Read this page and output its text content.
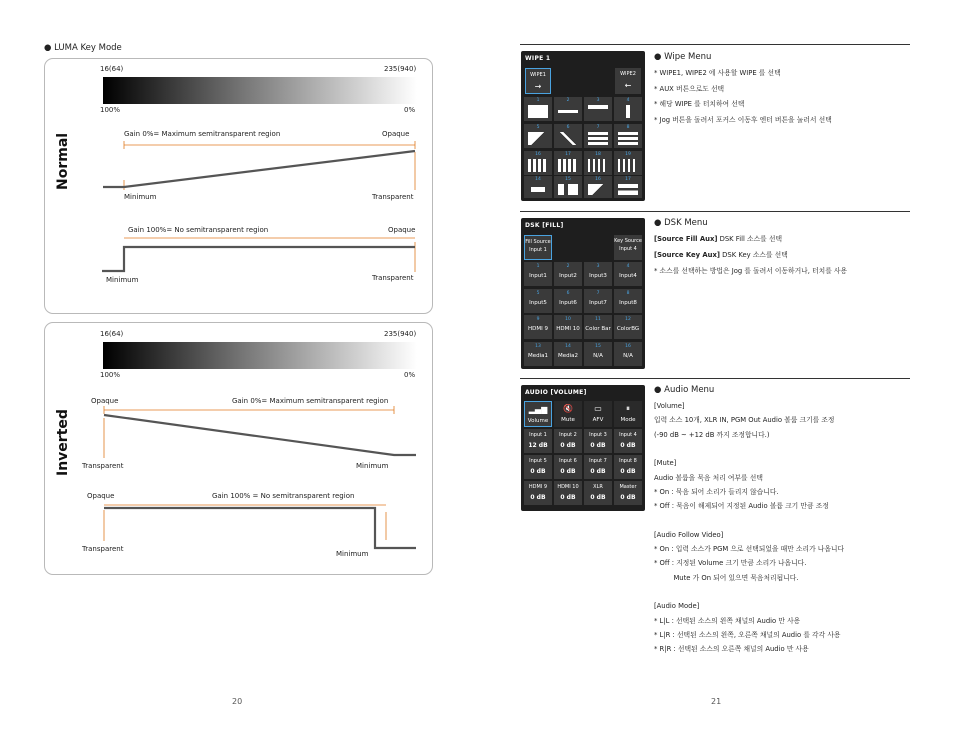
● LUMA Key Mode
Normal
16(64)	235(940)
100%	0%
Gain 0%= Maximum semitransparent region	Opaque
Minimum	Transparent
Gain 100%= No semitransparent region	Opaque
Minimum	Transparent
Inverted
16(64)	235(940)
100%	0%
Opaque	Gain 0%= Maximum semitransparent region
Transparent	Minimum
Opaque	Gain 100% = No semitransparent region
Transparent
Minimum
20
WIPE 1
WIPE1
→
WIPE2
←
1	2	3	4
5	6	7	8
16	17	18	19
14	15	16	17
● Wipe Menu
* WIPE1, WIPE2 에 사용할 WIPE 를 선택
* AUX 버튼으로도 선택
* 해당 WIPE 를 터치하여 선택
* Jog 버튼을 돌려서 포커스 이동후 엔터 버튼을 눌러서 선택
DSK [FILL]
Fill Source
Input 1
Key Source
Input 4
1
Input1
2
Input2
3
Input3
4
Input4
5
Input5
6
Input6
7
Input7
8
Input8
9
HDMI 9
10
HDMI 10
11
Color Bar
12
ColorBG
13
Media1
14
Media2
15
N/A
16
N/A
● DSK Menu
[Source Fill Aux] DSK Fill 소스를 선택
[Source Key Aux] DSK Key 소스를 선택
* 소스를 선택하는 방법은 Jog 를 돌려서 이동하거나, 터치를 사용
AUDIO [VOLUME]
▂▄▆
Volume
🔇
Mute
▭
AFV
⏸
Mode
Input 1
12 dB
Input 2
0 dB
Input 3
0 dB
Input 4
0 dB
Input 5
0 dB
Input 6
0 dB
Input 7
0 dB
Input 8
0 dB
HDMI 9
0 dB
HDMI 10
0 dB
XLR
0 dB
Master
0 dB
● Audio Menu
[Volume]
입력 소스 10개, XLR IN, PGM Out Audio 볼륨 크기를 조정
(-90 dB ~ +12 dB 까지 조정합니다.)
[Mute]
Audio 볼륨을 묵음 처리 여부를 선택
* On : 묵음 되어 소리가 들리지 않습니다.
* Off : 묵음이 해제되어 지정된 Audio 볼륨 크기 만큼 조정
[Audio Follow Video]
* On : 입력 소스가 PGM 으로 선택되었을 때만 소리가 나옵니다
* Off : 지정된 Volume 크기 만큼 소리가 나옵니다.
Mute 가 On 되어 있으면 묵음처리됩니다.
[Audio Mode]
* L|L : 선택된 소스의 왼쪽 채널의 Audio 만 사용
* L|R : 선택된 소스의 왼쪽, 오른쪽 채널의 Audio 를 각각 사용
* R|R : 선택된 소스의 오른쪽 채널의 Audio 만 사용
21
